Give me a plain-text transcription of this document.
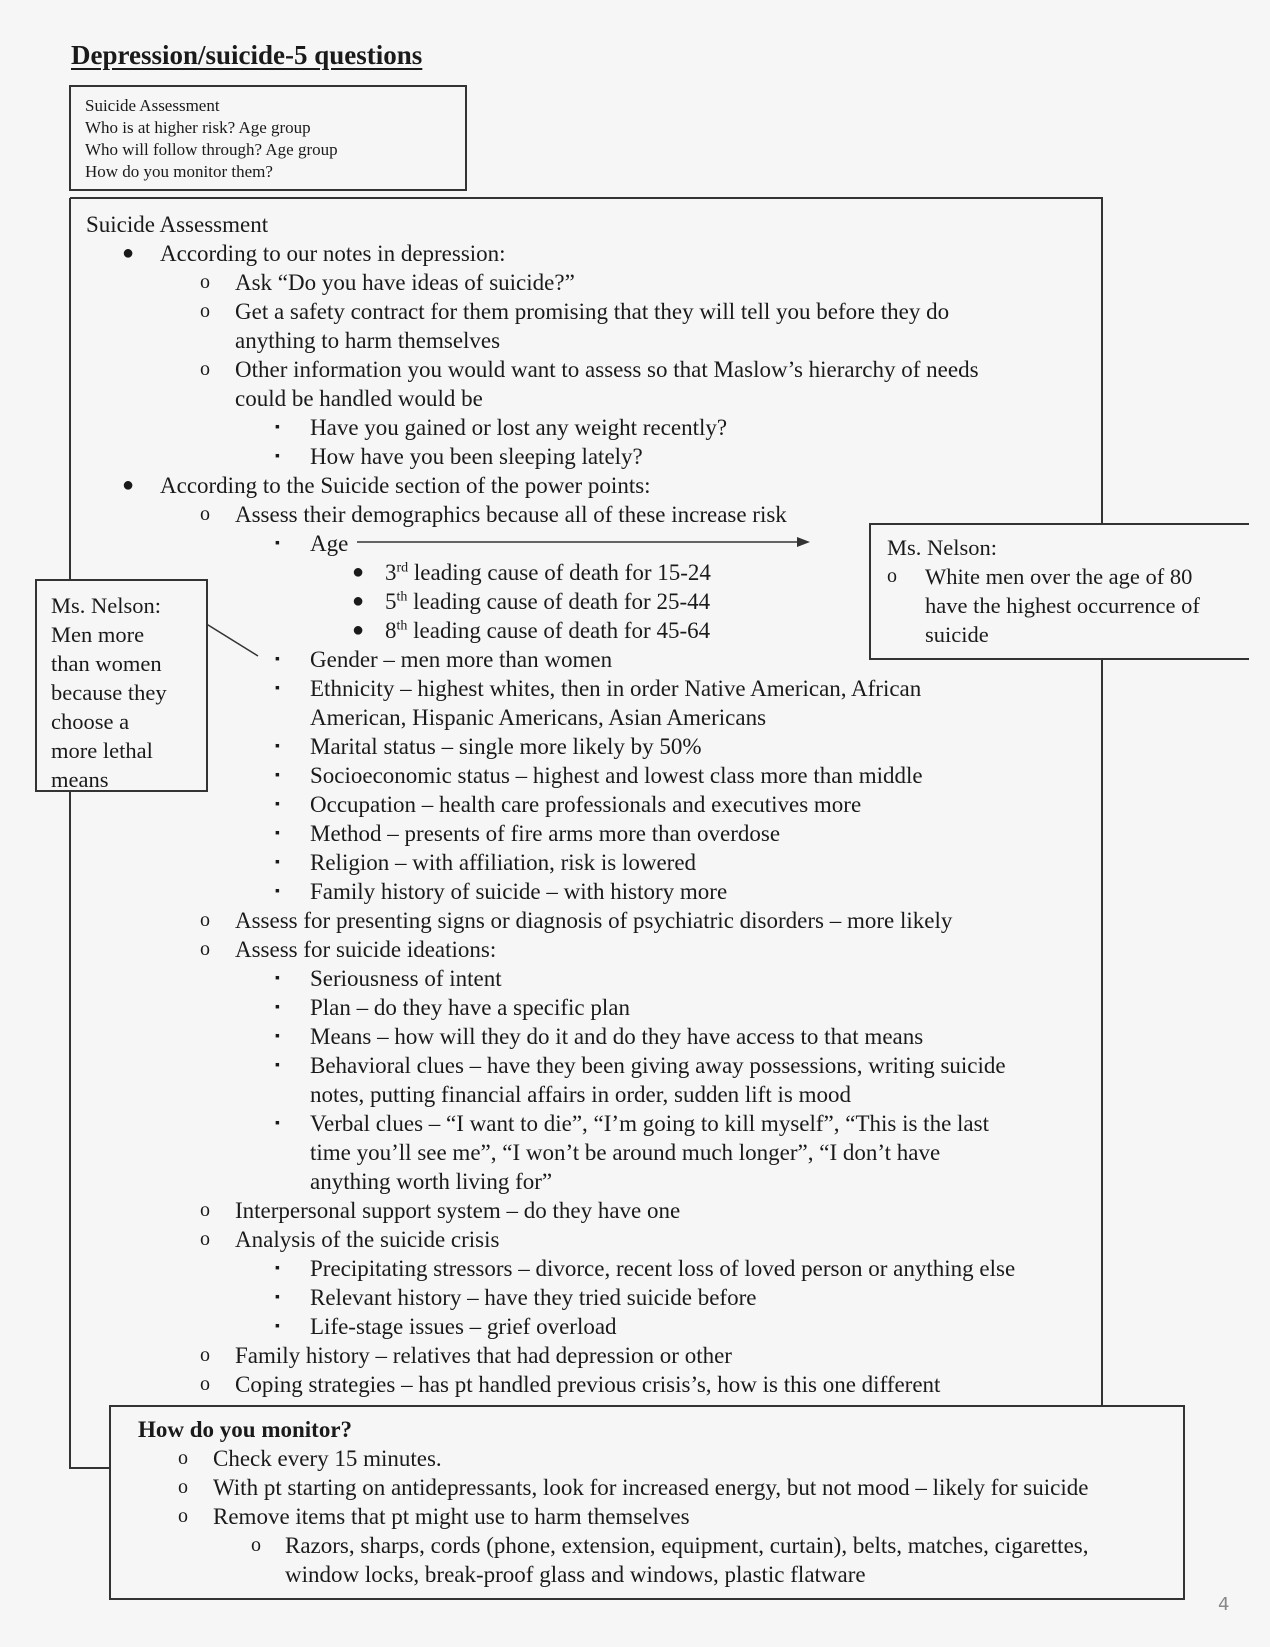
Depression/suicide-5 questions
Suicide Assessment
Who is at higher risk? Age group
Who will follow through? Age group
How do you monitor them?
Suicide Assessment
● According to our notes in depression:
o Ask “Do you have ideas of suicide?”
o Get a safety contract for them promising that they will tell you before they do
anything to harm themselves
o Other information you would want to assess so that Maslow’s hierarchy of needs
could be handled would be
▪ Have you gained or lost any weight recently?
▪ How have you been sleeping lately?
● According to the Suicide section of the power points:
o Assess their demographics because all of these increase risk
▪ Age
● 3rd leading cause of death for 15-24
● 5th leading cause of death for 25-44
● 8th leading cause of death for 45-64
▪ Gender – men more than women
▪ Ethnicity – highest whites, then in order Native American, African
American, Hispanic Americans, Asian Americans
▪ Marital status – single more likely by 50%
▪ Socioeconomic status – highest and lowest class more than middle
▪ Occupation – health care professionals and executives more
▪ Method – presents of fire arms more than overdose
▪ Religion – with affiliation, risk is lowered
▪ Family history of suicide – with history more
o Assess for presenting signs or diagnosis of psychiatric disorders – more likely
o Assess for suicide ideations:
▪ Seriousness of intent
▪ Plan – do they have a specific plan
▪ Means – how will they do it and do they have access to that means
▪ Behavioral clues – have they been giving away possessions, writing suicide
notes, putting financial affairs in order, sudden lift is mood
▪ Verbal clues – “I want to die”, “I’m going to kill myself”, “This is the last
time you’ll see me”, “I won’t be around much longer”, “I don’t have
anything worth living for”
o Interpersonal support system – do they have one
o Analysis of the suicide crisis
▪ Precipitating stressors – divorce, recent loss of loved person or anything else
▪ Relevant history – have they tried suicide before
▪ Life-stage issues – grief overload
o Family history – relatives that had depression or other
o Coping strategies – has pt handled previous crisis’s, how is this one different
Ms. Nelson:
Men more
than women
because they
choose a
more lethal
means
Ms. Nelson:
o White men over the age of 80
have the highest occurrence of
suicide
How do you monitor?
o Check every 15 minutes.
o With pt starting on antidepressants, look for increased energy, but not mood – likely for suicide
o Remove items that pt might use to harm themselves
o Razors, sharps, cords (phone, extension, equipment, curtain), belts, matches, cigarettes,
window locks, break-proof glass and windows, plastic flatware
4
